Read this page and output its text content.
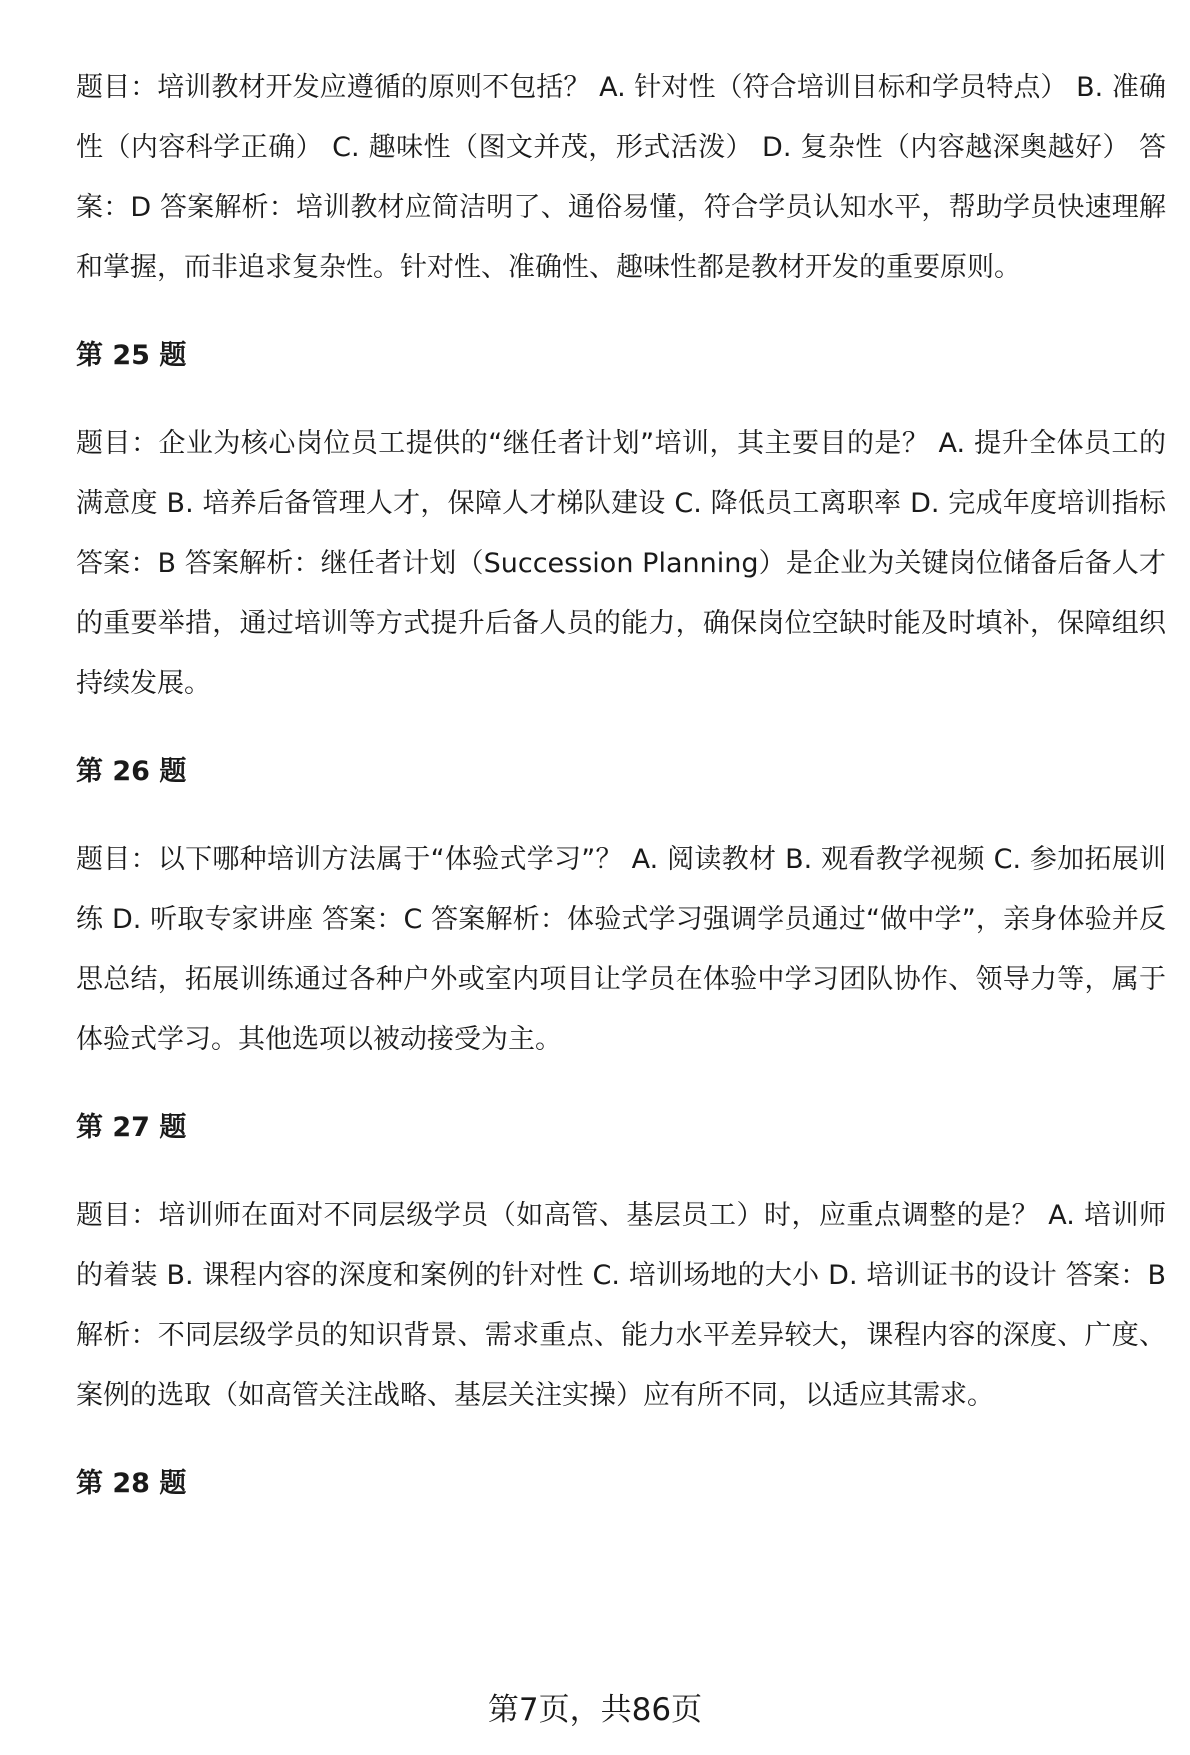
题目：培训教材开发应遵循的原则不包括？ A. 针对性（符合培训目标和学员特点） B. 准确性（内容科学正确） C. 趣味性（图文并茂，形式活泼） D. 复杂性（内容越深奥越好） 答案：D 答案解析：培训教材应简洁明了、通俗易懂，符合学员认知水平，帮助学员快速理解和掌握，而非追求复杂性。针对性、准确性、趣味性都是教材开发的重要原则。

第 25 题

题目：企业为核心岗位员工提供的“继任者计划”培训，其主要目的是？ A. 提升全体员工的满意度 B. 培养后备管理人才，保障人才梯队建设 C. 降低员工离职率 D. 完成年度培训指标 答案：B 答案解析：继任者计划（Succession Planning）是企业为关键岗位储备后备人才的重要举措，通过培训等方式提升后备人员的能力，确保岗位空缺时能及时填补，保障组织持续发展。

第 26 题

题目：以下哪种培训方法属于“体验式学习”？ A. 阅读教材 B. 观看教学视频 C. 参加拓展训练 D. 听取专家讲座 答案：C 答案解析：体验式学习强调学员通过“做中学”，亲身体验并反思总结，拓展训练通过各种户外或室内项目让学员在体验中学习团队协作、领导力等，属于体验式学习。其他选项以被动接受为主。

第 27 题

题目：培训师在面对不同层级学员（如高管、基层员工）时，应重点调整的是？ A. 培训师的着装 B. 课程内容的深度和案例的针对性 C. 培训场地的大小 D. 培训证书的设计 答案：B 解析：不同层级学员的知识背景、需求重点、能力水平差异较大，课程内容的深度、广度、案例的选取（如高管关注战略、基层关注实操）应有所不同，以适应其需求。

第 28 题
第7页，共86页
